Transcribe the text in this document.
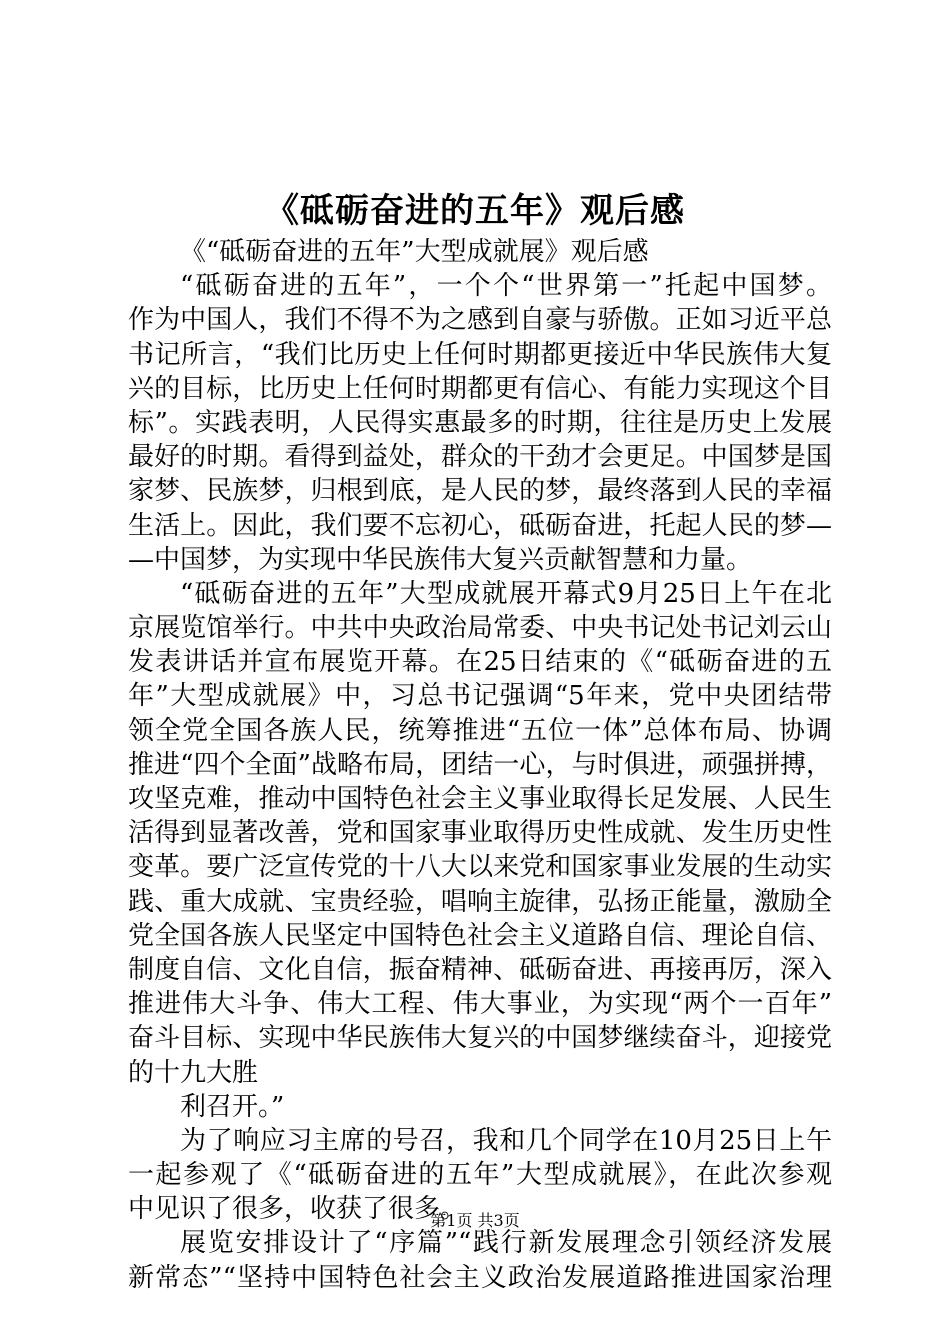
《砥砺奋进的五年》观后感
《“砥砺奋进的五年”大型成就展》观后感
“砥砺奋进的五年”，一个个“世界第一”托起中国梦。
作为中国人，我们不得不为之感到自豪与骄傲。正如习近平总
书记所言，“我们比历史上任何时期都更接近中华民族伟大复
兴的目标，比历史上任何时期都更有信心、有能力实现这个目
标”。实践表明，人民得实惠最多的时期，往往是历史上发展
最好的时期。看得到益处，群众的干劲才会更足。中国梦是国
家梦、民族梦，归根到底，是人民的梦，最终落到人民的幸福
生活上。因此，我们要不忘初心，砥砺奋进，托起人民的梦—
—中国梦，为实现中华民族伟大复兴贡献智慧和力量。
“砥砺奋进的五年”大型成就展开幕式9月25日上午在北
京展览馆举行。中共中央政治局常委、中央书记处书记刘云山
发表讲话并宣布展览开幕。在25日结束的《“砥砺奋进的五
年”大型成就展》中，习总书记强调“5年来，党中央团结带
领全党全国各族人民，统筹推进“五位一体”总体布局、协调
推进“四个全面”战略布局，团结一心，与时俱进，顽强拼搏，
攻坚克难，推动中国特色社会主义事业取得长足发展、人民生
活得到显著改善，党和国家事业取得历史性成就、发生历史性
变革。要广泛宣传党的十八大以来党和国家事业发展的生动实
践、重大成就、宝贵经验，唱响主旋律，弘扬正能量，激励全
党全国各族人民坚定中国特色社会主义道路自信、理论自信、
制度自信、文化自信，振奋精神、砥砺奋进、再接再厉，深入
推进伟大斗争、伟大工程、伟大事业，为实现“两个一百年”
奋斗目标、实现中华民族伟大复兴的中国梦继续奋斗，迎接党
的十九大胜
利召开。”
为了响应习主席的号召，我和几个同学在10月25日上午
一起参观了《“砥砺奋进的五年”大型成就展》，在此次参观
中见识了很多，收获了很多。
展览安排设计了“序篇”“践行新发展理念引领经济发展
新常态”“坚持中国特色社会主义政治发展道路推进国家治理
第1页 共3页
